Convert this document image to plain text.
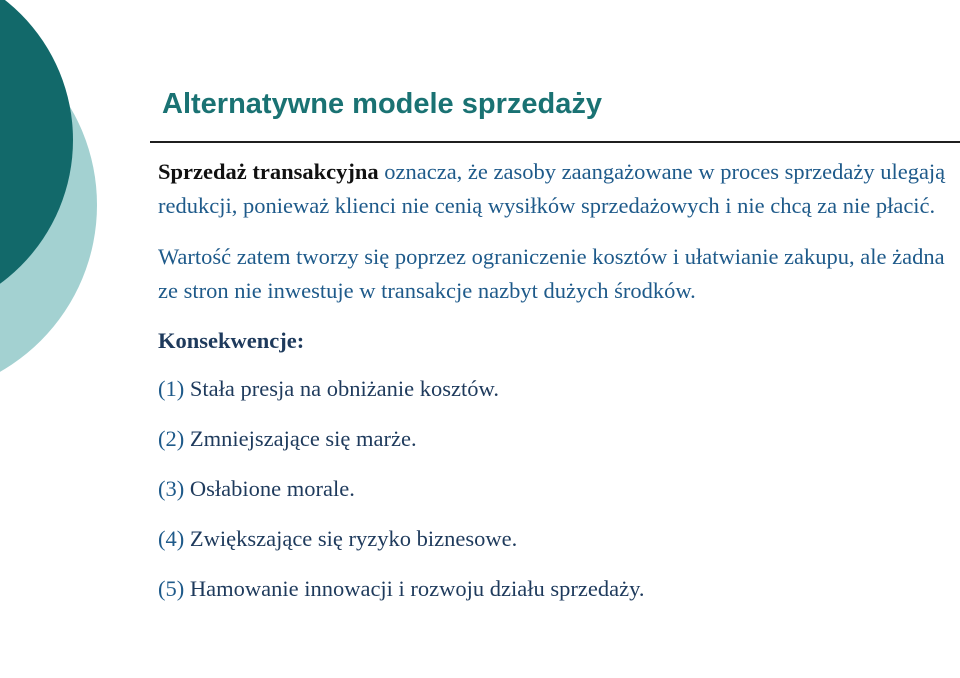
Alternatywne modele sprzedaży

Sprzedaż transakcyjna oznacza, że zasoby zaangażowane w proces sprzedaży ulegają redukcji, ponieważ klienci nie cenią wysiłków sprzedażowych i nie chcą za nie płacić.

Wartość zatem tworzy się poprzez ograniczenie kosztów i ułatwianie zakupu, ale żadna ze stron nie inwestuje w transakcje nazbyt dużych środków.

Konsekwencje:

(1) Stała presja na obniżanie kosztów.
(2) Zmniejszające się marże.
(3) Osłabione morale.
(4) Zwiększające się ryzyko biznesowe.
(5) Hamowanie innowacji i rozwoju działu sprzedaży.
